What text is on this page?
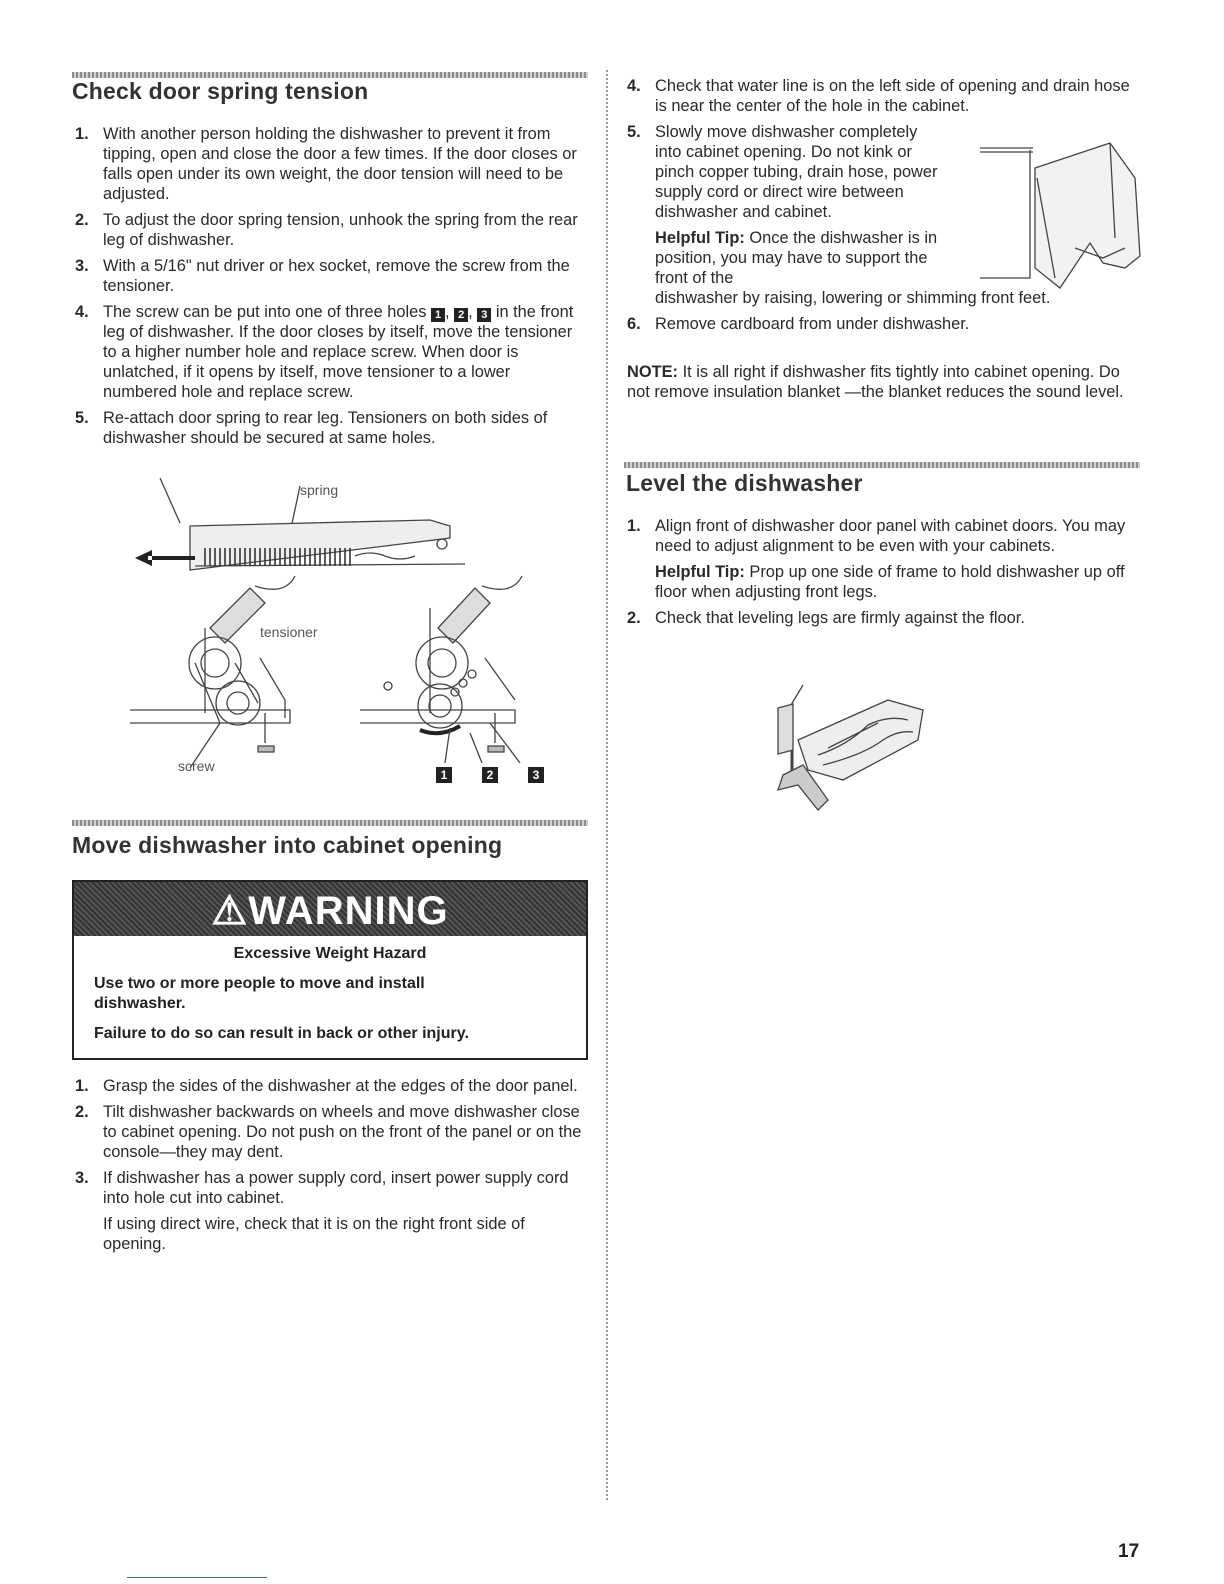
Check door spring tension
1. With another person holding the dishwasher to prevent it from tipping, open and close the door a few times. If the door closes or falls open under its own weight, the door tension will need to be adjusted.
2. To adjust the door spring tension, unhook the spring from the rear leg of dishwasher.
3. With a 5/16" nut driver or hex socket, remove the screw from the tensioner.
4. The screw can be put into one of three holes 1 , 2 , 3 in the front leg of dishwasher. If the door closes by itself, move the tensioner to a higher number hole and replace screw. When door is unlatched, if it opens by itself, move tensioner to a lower numbered hole and replace screw.
5. Re-attach door spring to rear leg. Tensioners on both sides of dishwasher should be secured at same holes.
spring
tensioner
screw
1	2	3
Move dishwasher into cabinet opening
⚠WARNING

Excessive Weight Hazard

Use two or more people to move and install dishwasher.

Failure to do so can result in back or other injury.

1. Grasp the sides of the dishwasher at the edges of the door panel.
2. Tilt dishwasher backwards on wheels and move dishwasher close to cabinet opening. Do not push on the front of the panel or on the console—they may dent.
3. If dishwasher has a power supply cord, insert power supply cord into hole cut into cabinet.
If using direct wire, check that it is on the right front side of opening.
4. Check that water line is on the left side of opening and drain hose is near the center of the hole in the cabinet.
5. Slowly move dishwasher completely into cabinet opening. Do not kink or pinch copper tubing, drain hose, power supply cord or direct wire between dishwasher and cabinet.
Helpful Tip: Once the dishwasher is in position, you may have to support the front of the
dishwasher by raising, lowering or shimming front feet.
6. Remove cardboard from under dishwasher.

NOTE: It is all right if dishwasher fits tightly into cabinet opening. Do not remove insulation blanket —the blanket reduces the sound level.

Level the dishwasher
1. Align front of dishwasher door panel with cabinet doors. You may need to adjust alignment to be even with your cabinets.
Helpful Tip: Prop up one side of frame to hold dishwasher up off floor when adjusting front legs.
2. Check that leveling legs are firmly against the floor.
17
